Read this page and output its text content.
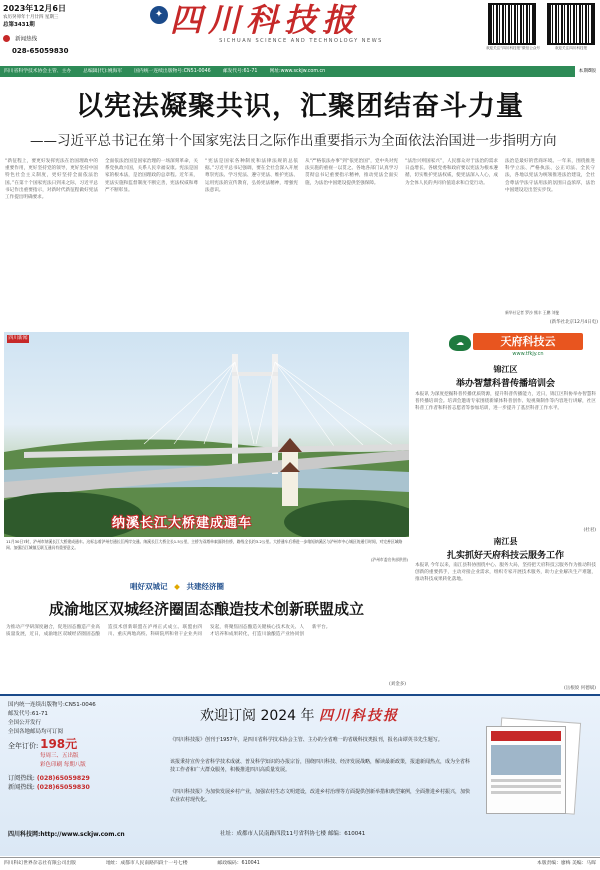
2023年12月6日
农历癸卯年十月廿四 星期三
总第3431期
新闻热线
028-65059830
✦ 四川科技报
SICHUAN SCIENCE AND TECHNOLOGY NEWS
欢迎关注“四川科技报”微信公众号	欢迎关注四川科技报
四川省科学技术协会主管、主办	总编辑(代):姚海军	国内统一连续出版物号:CN51-0046	邮发代号:61-71	网址:www.sckjw.com.cn	本期8版
以宪法凝聚共识，汇聚团结奋斗力量
——习近平总书记在第十个国家宪法日之际作出重要指示为全面依法治国进一步指明方向
“新征程上，要更好发挥宪法在治国理政中的重要作用，更好坚持党的领导，更好坚持中国特色社会主义制度，更好坚持全面依法治国。”在第十个国家宪法日到来之际，习近平总书记作出重要指示，对新时代新征程做好宪法工作提出明确要求。
全面依法治国是国家治理的一场深刻革命，关系党执政兴国，关系人民幸福安康。宪法是国家的根本法，是治国理政的总章程。近年来，宪法实施和监督制度不断完善，宪法权威和尊严不断彰显。
“宪法是国家各种制度和法律法规的总依据。”习近平总书记强调，要在全社会深入开展尊崇宪法、学习宪法、遵守宪法、维护宪法、运用宪法的宣传教育，弘扬宪法精神，增强宪法意识。
从“严格依法办事”到“依宪治国”，党中央对宪法实施的重视一以贯之。各地各部门认真学习贯彻总书记重要指示精神，推动宪法全面实施，为法治中国建设提供坚强保障。
“法治兴则国家兴”，人民群众对于法治的需求日益增长。各级党委和政府要以宪法为根本遵循，切实维护宪法权威，使宪法深入人心，成为全体人民的共同价值追求和自觉行动。
法治是最好的营商环境。一年来，围绕推进科学立法、严格执法、公正司法、全民守法，各地以宪法为统领推进法治建设，全社会尊法学法守法用法的氛围日益浓厚，法治中国建设迈出坚实步伐。
新华社记者 罗沙 熊丰 王鹏 刘斐
(新华社北京12月4日电)
四川新闻
纳溪长江大桥建成通车
11月30日7时，泸州市纳溪长江大桥建成通车。这标志着泸州打通长江两岸交通。纳溪长江大桥全长1.5公里，主桥为双塔单索面斜拉桥，路线全长约3.2公里。大桥通车后将进一步缩短纳溪区与泸州市中心城区的通行时间，对完善区域路网、加强沿江城镇互联互通具有重要意义。
(泸州市委宣传部供图)
☁	天府科技云
www.tfkjy.cn
锦江区
举办智慧科普传播培训会
本报讯 为深度挖掘科普传播优质资源，提升科普传播能力，近日，锦江区科协举办智慧科普传播培训会。培训会邀请专家围绕新媒体科普创作、短视频制作等内容进行讲解，社区科普工作者和科普志愿者等参加培训，进一步提升了基层科普工作水平。
(杜君)
南江县
扎实抓好天府科技云服务工作
本报讯 今年以来，南江县科协围绕中心、服务大局，坚持把天府科技云服务作为推动科技创新的重要抓手，主动对接企业需求，组织专家开展技术服务，助力企业解决生产难题，推动科技成果转化落地。
(岳根姣 何德斌)
唱好双城记 ◆ 共建经济圈
成渝地区双城经济圈固态酿造技术创新联盟成立
为推动产学研深度融合，促进固态酿造产业高质量发展，近日，成渝地区双城经济圈固态酿造技术创新联盟在泸州正式成立。联盟由四川、重庆两地高校、科研院所和骨干企业共同发起，将聚焦固态酿造关键核心技术攻关、人才培养和成果转化，打造川渝酿造产业协同创新平台。
(刘金多)
国内统一连续出版物号:CN51-0046
邮发代号:61-71
全国公开发行
全国各地邮局均可订阅
全年订价: 198元
每周三、五出版
彩色印刷 每期八版
订阅热线: (028)65059829
新闻热线: (028)65059830
欢迎订阅 2024 年 四川科技报
《四川科技报》创刊于1957年，是四川省科学技术协会主管、主办的全省唯一的省级科技类报刊，报名由谭英书先生题写。
该报秉持宣传全省科学技术成就、普及科学知识的办报宗旨，围绕四川科技、经济发展战略，解读最新政策，报道新闻热点，成为全省科技工作者和广大群众服务，积极推进四川高质量发展。
《四川科技报》为加快发展乡村产业，加强农村生态文明建设，改进乡村治理等方面提供创新举措和典型案例，全面推进乡村振兴，加快农业农村现代化。
四川科技网:http://www.sckjw.com.cn	社址：成都市人民南路四段11号省科协七楼 邮编：610041
四川科幻世界杂志社有限公司出版	地址：成都市人民南路四段十一号七楼	邮政编码：610041	本版责编：廖梅 美编：马晖
